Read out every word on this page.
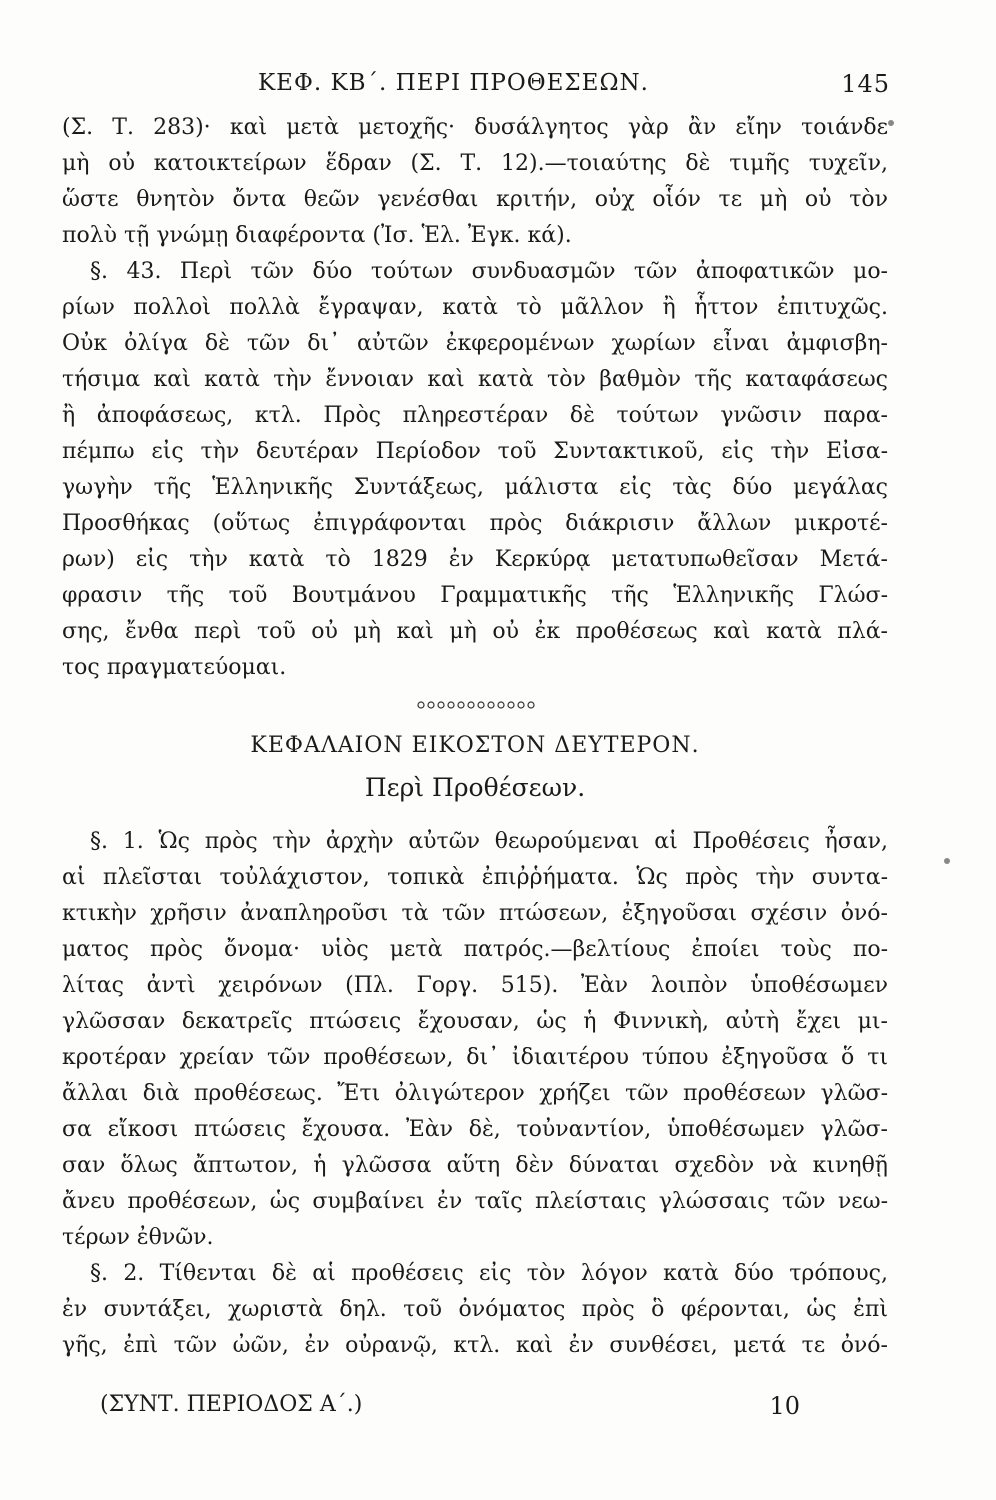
ΚΕΦ. ΚΒ΄. ΠΕΡΙ ΠΡΟΘΕΣΕΩΝ.	145
(Σ. Τ. 283)· καὶ μετὰ μετοχῆς· δυσάλγητος γὰρ ἂν εἴην τοιάνδε
μὴ οὐ κατοικτείρων ἕδραν (Σ. Τ. 12).—τοιαύτης δὲ τιμῆς τυχεῖν,
ὥστε θνητὸν ὄντα θεῶν γενέσθαι κριτήν, οὐχ οἷόν τε μὴ οὐ τὸν
πολὺ τῇ γνώμῃ διαφέροντα (Ἰσ. Ἑλ. Ἐγκ. κά).
§. 43. Περὶ τῶν δύο τούτων συνδυασμῶν τῶν ἀποφατικῶν μο-
ρίων πολλοὶ πολλὰ ἔγραψαν, κατὰ τὸ μᾶλλον ἢ ἧττον ἐπιτυχῶς.
Οὐκ ὀλίγα δὲ τῶν δι᾽ αὐτῶν ἐκφερομένων χωρίων εἶναι ἀμφισβη-
τήσιμα καὶ κατὰ τὴν ἔννοιαν καὶ κατὰ τὸν βαθμὸν τῆς καταφάσεως
ἢ ἀποφάσεως, κτλ. Πρὸς πληρεστέραν δὲ τούτων γνῶσιν παρα-
πέμπω εἰς τὴν δευτέραν Περίοδον τοῦ Συντακτικοῦ, εἰς τὴν Εἰσα-
γωγὴν τῆς Ἑλληνικῆς Συντάξεως, μάλιστα εἰς τὰς δύο μεγάλας
Προσθήκας (οὕτως ἐπιγράφονται πρὸς διάκρισιν ἄλλων μικροτέ-
ρων) εἰς τὴν κατὰ τὸ 1829 ἐν Κερκύρᾳ μετατυπωθεῖσαν Μετά-
φρασιν τῆς τοῦ Βουτμάνου Γραμματικῆς τῆς Ἑλληνικῆς Γλώσ-
σης, ἔνθα περὶ τοῦ οὐ μὴ καὶ μὴ οὐ ἐκ προθέσεως καὶ κατὰ πλά-
τος πραγματεύομαι.
ΚΕΦΑΛΑΙΟΝ ΕΙΚΟΣΤΟΝ ΔΕΥΤΕΡΟΝ.
Περὶ Προθέσεων.
§. 1. Ὡς πρὸς τὴν ἀρχὴν αὐτῶν θεωρούμεναι αἱ Προθέσεις ἦσαν,
αἱ πλεῖσται τοὐλάχιστον, τοπικὰ ἐπιῤῥήματα. Ὡς πρὸς τὴν συντα-
κτικὴν χρῆσιν ἀναπληροῦσι τὰ τῶν πτώσεων, ἐξηγοῦσαι σχέσιν ὀνό-
ματος πρὸς ὄνομα· υἱὸς μετὰ πατρός.—βελτίους ἐποίει τοὺς πο-
λίτας ἀντὶ χειρόνων (Πλ. Γοργ. 515). Ἐὰν λοιπὸν ὑποθέσωμεν
γλῶσσαν δεκατρεῖς πτώσεις ἔχουσαν, ὡς ἡ Φιννικὴ, αὐτὴ ἔχει μι-
κροτέραν χρείαν τῶν προθέσεων, δι᾽ ἰδιαιτέρου τύπου ἐξηγοῦσα ὅ τι
ἄλλαι διὰ προθέσεως. Ἔτι ὀλιγώτερον χρήζει τῶν προθέσεων γλῶσ-
σα εἴκοσι πτώσεις ἔχουσα. Ἐὰν δὲ, τοὐναντίον, ὑποθέσωμεν γλῶσ-
σαν ὅλως ἄπτωτον, ἡ γλῶσσα αὕτη δὲν δύναται σχεδὸν νὰ κινηθῇ
ἄνευ προθέσεων, ὡς συμβαίνει ἐν ταῖς πλείσταις γλώσσαις τῶν νεω-
τέρων ἐθνῶν.
§. 2. Τίθενται δὲ αἱ προθέσεις εἰς τὸν λόγον κατὰ δύο τρόπους,
ἐν συντάξει, χωριστὰ δηλ. τοῦ ὀνόματος πρὸς ὃ φέρονται, ὡς ἐπὶ
γῆς, ἐπὶ τῶν ὠῶν, ἐν οὐρανῷ, κτλ. καὶ ἐν συνθέσει, μετά τε ὀνό-
(ΣΥΝΤ. ΠΕΡΙΟΔΟΣ Α΄.)	10
